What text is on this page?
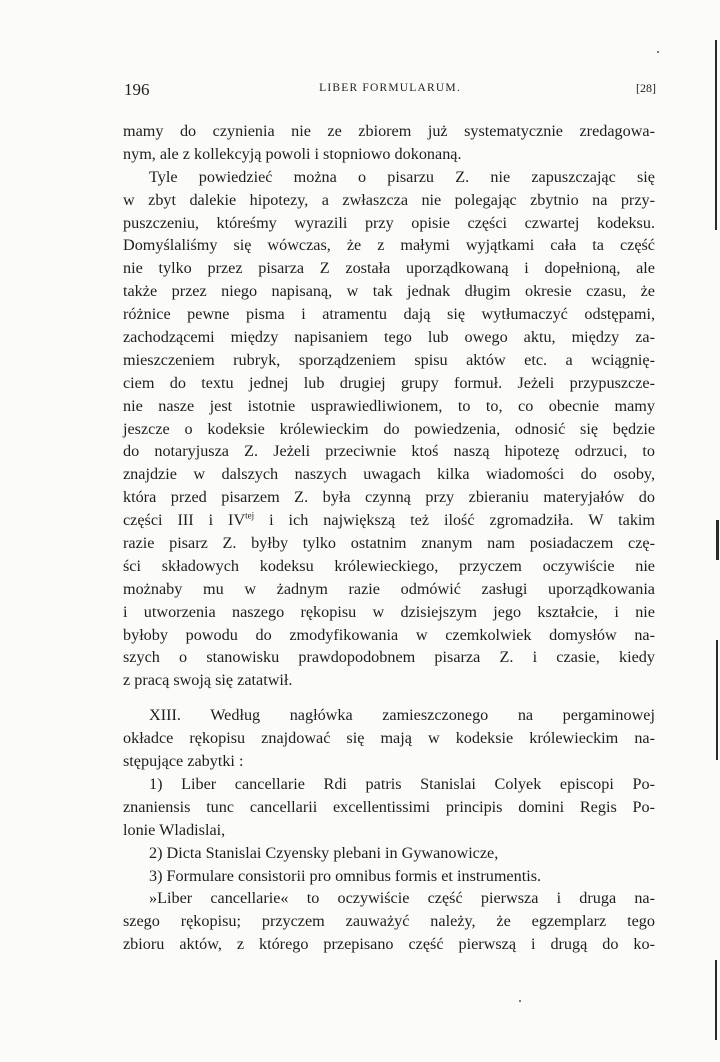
196	LIBER FORMULARUM.	[28]
mamy do czynienia nie ze zbiorem już systematycznie zredagowa-
nym, ale z kollekcyją powoli i stopniowo dokonaną.
Tyle powiedzieć można o pisarzu Z. nie zapuszczając się
w zbyt dalekie hipotezy, a zwłaszcza nie polegając zbytnio na przy-
puszczeniu, któreśmy wyrazili przy opisie części czwartej kodeksu.
Domyślaliśmy się wówczas, że z małymi wyjątkami cała ta część
nie tylko przez pisarza Z została uporządkowaną i dopełnioną, ale
także przez niego napisaną, w tak jednak długim okresie czasu, że
różnice pewne pisma i atramentu dają się wytłumaczyć odstępami,
zachodzącemi między napisaniem tego lub owego aktu, między za-
mieszczeniem rubryk, sporządzeniem spisu aktów etc. a wciągnię-
ciem do textu jednej lub drugiej grupy formuł. Jeżeli przypuszcze-
nie nasze jest istotnie usprawiedliwionem, to to, co obecnie mamy
jeszcze o kodeksie królewieckim do powiedzenia, odnosić się będzie
do notaryjusza Z. Jeżeli przeciwnie ktoś naszą hipotezę odrzuci, to
znajdzie w dalszych naszych uwagach kilka wiadomości do osoby,
która przed pisarzem Z. była czynną przy zbieraniu materyjałów do
części III i $IV^{tej}$ i ich największą też ilość zgromadziła. W takim
razie pisarz Z. byłby tylko ostatnim znanym nam posiadaczem czę-
ści składowych kodeksu królewieckiego, przyczem oczywiście nie
możnaby mu w żadnym razie odmówić zasługi uporządkowania
i utworzenia naszego rękopisu w dzisiejszym jego kształcie, i nie
byłoby powodu do zmodyfikowania w czemkolwiek domysłów na-
szych o stanowisku prawdopodobnem pisarza Z. i czasie, kiedy
z pracą swoją się zatatwił.
XIII. Według nagłówka zamieszczonego na pergaminowej
okładce rękopisu znajdować się mają w kodeksie królewieckim na-
stępujące zabytki :
1) Liber cancellarie Rdi patris Stanislai Colyek episcopi Po-
znaniensis tunc cancellarii excellentissimi principis domini Regis Po-
lonie Wladislai,
2) Dicta Stanislai Czyensky plebani in Gywanowicze,
3) Formulare consistorii pro omnibus formis et instrumentis.
»Liber cancellarie« to oczywiście część pierwsza i druga na-
szego rękopisu; przyczem zauważyć należy, że egzemplarz tego
zbioru aktów, z którego przepisano część pierwszą i drugą do ko-
